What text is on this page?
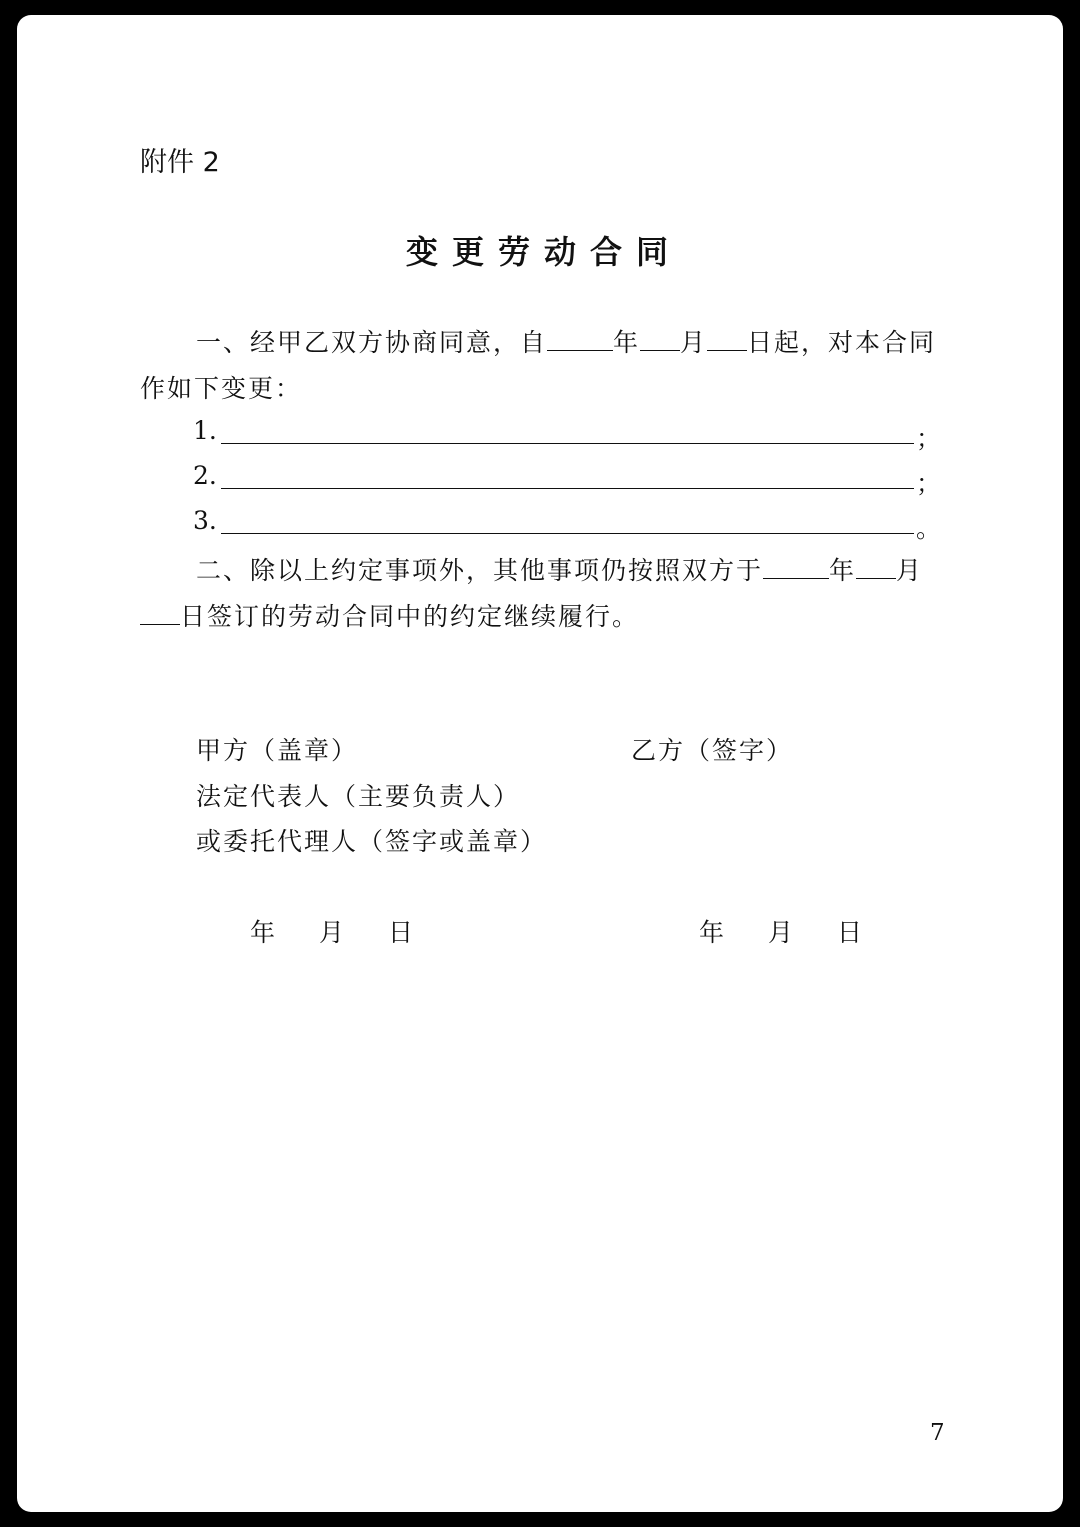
附件 2
变更劳动合同
一、经甲乙双方协商同意，自	年 月 日起，对本合同
作如下变更：
1.	；
2.	；
3.	。
二、除以上约定事项外，其他事项仍按照双方于	年 月
日签订的劳动合同中的约定继续履行。
甲方（盖章）	乙方（签字）
法定代表人（主要负责人）
或委托代理人（签字或盖章）
年 月 日	年 月 日
7
